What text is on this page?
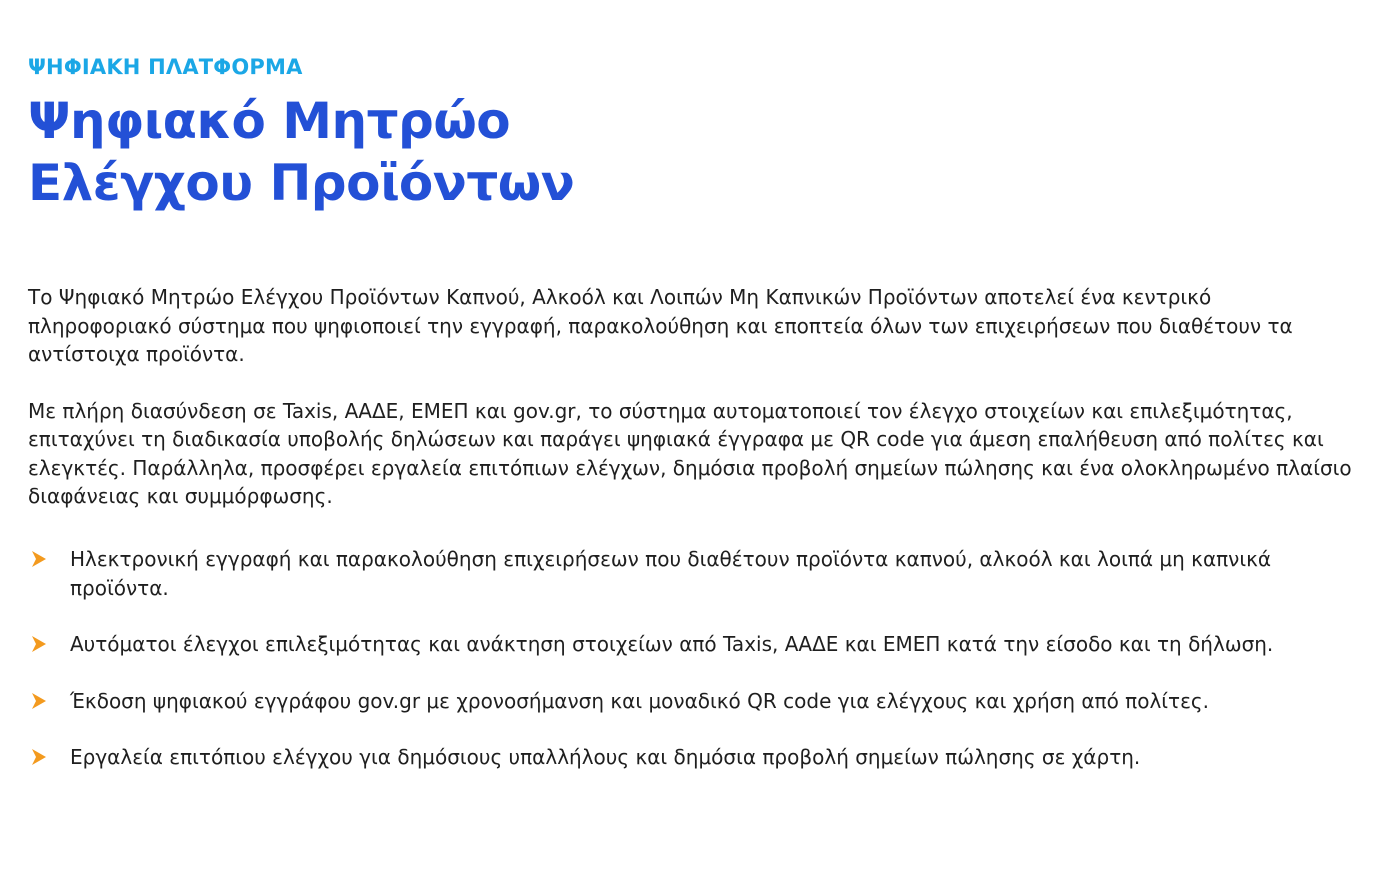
ΨΗΦΙΑΚΗ ΠΛΑΤΦΟΡΜΑ
Ψηφιακό Μητρώο
Ελέγχου Προϊόντων

Το Ψηφιακό Μητρώο Ελέγχου Προϊόντων Καπνού, Αλκοόλ και Λοιπών Μη Καπνικών Προϊόντων αποτελεί ένα κεντρικό πληροφοριακό σύστημα που ψηφιοποιεί την εγγραφή, παρακολούθηση και εποπτεία όλων των επιχειρήσεων που διαθέτουν τα αντίστοιχα προϊόντα.

Με πλήρη διασύνδεση σε Taxis, ΑΑΔΕ, ΕΜΕΠ και gov.gr, το σύστημα αυτοματοποιεί τον έλεγχο στοιχείων και επιλεξιμότητας, επιταχύνει τη διαδικασία υποβολής δηλώσεων και παράγει ψηφιακά έγγραφα με QR code για άμεση επαλήθευση από πολίτες και ελεγκτές. Παράλληλα, προσφέρει εργαλεία επιτόπιων ελέγχων, δημόσια προβολή σημείων πώλησης και ένα ολοκληρωμένο πλαίσιο διαφάνειας και συμμόρφωσης.

Ηλεκτρονική εγγραφή και παρακολούθηση επιχειρήσεων που διαθέτουν προϊόντα καπνού, αλκοόλ και λοιπά μη καπνικά προϊόντα.
Αυτόματοι έλεγχοι επιλεξιμότητας και ανάκτηση στοιχείων από Taxis, ΑΑΔΕ και ΕΜΕΠ κατά την είσοδο και τη δήλωση.
Έκδοση ψηφιακού εγγράφου gov.gr με χρονοσήμανση και μοναδικό QR code για ελέγχους και χρήση από πολίτες.
Εργαλεία επιτόπιου ελέγχου για δημόσιους υπαλλήλους και δημόσια προβολή σημείων πώλησης σε χάρτη.
